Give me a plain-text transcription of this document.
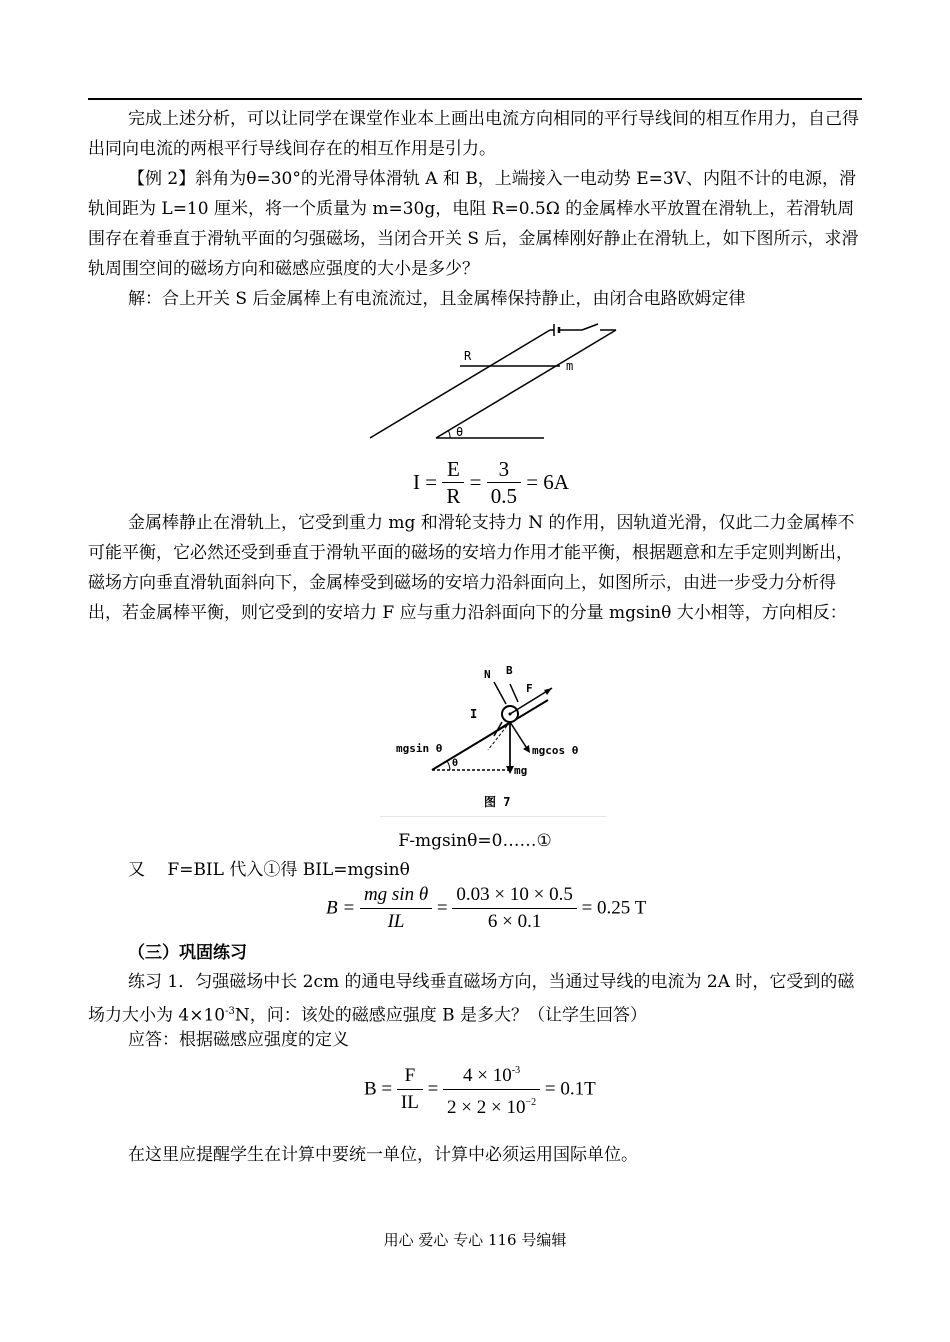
完成上述分析，可以让同学在课堂作业本上画出电流方向相同的平行导线间的相互作用力，自己得出同向电流的两根平行导线间存在的相互作用是引力。

【例 2】斜角为θ=30°的光滑导体滑轨 A 和 B，上端接入一电动势 E=3V、内阻不计的电源，滑轨间距为 L=10 厘米，将一个质量为 m=30g，电阻 R=0.5Ω 的金属棒水平放置在滑轨上，若滑轨周围存在着垂直于滑轨平面的匀强磁场，当闭合开关 S 后，金属棒刚好静止在滑轨上，如下图所示，求滑轨周围空间的磁场方向和磁感应强度的大小是多少？

解：合上开关 S 后金属棒上有电流流过，且金属棒保持静止，由闭合电路欧姆定律

R
m
θ
$I = \frac{E}{R} = \frac{3}{0.5} = 6A$

金属棒静止在滑轨上，它受到重力 mg 和滑轮支持力 N 的作用，因轨道光滑，仅此二力金属棒不可能平衡，它必然还受到垂直于滑轨平面的磁场的安培力作用才能平衡，根据题意和左手定则判断出，磁场方向垂直滑轨面斜向下，金属棒受到磁场的安培力沿斜面向上，如图所示，由进一步受力分析得出，若金属棒平衡，则它受到的安培力 F 应与重力沿斜面向下的分量 mgsinθ 大小相等，方向相反：

N B
F
I
mgsin θ	mgcos θ
mg
θ
图 7

F-mgsinθ=0……①

又　 F=BIL 代入①得 BIL=mgsinθ

$B = \frac{\text{mg sin θ}}{IL} = \frac{0.03 \times 10 \times 0.5}{6 \times 0.1} = 0.25$ T

（三）巩固练习

练习 1．匀强磁场中长 2cm 的通电导线垂直磁场方向，当通过导线的电流为 2A 时，它受到的磁场力大小为 $4\times 10^{-3}N$，问：该处的磁感应强度 B 是多大？（让学生回答）

应答：根据磁感应强度的定义

$B = \frac{F}{IL} = \frac{4 \times 10^{-3}}{2 \times 2 \times 10^{-2}} = 0.1T$

在这里应提醒学生在计算中要统一单位，计算中必须运用国际单位。

用心 爱心 专心 116 号编辑
